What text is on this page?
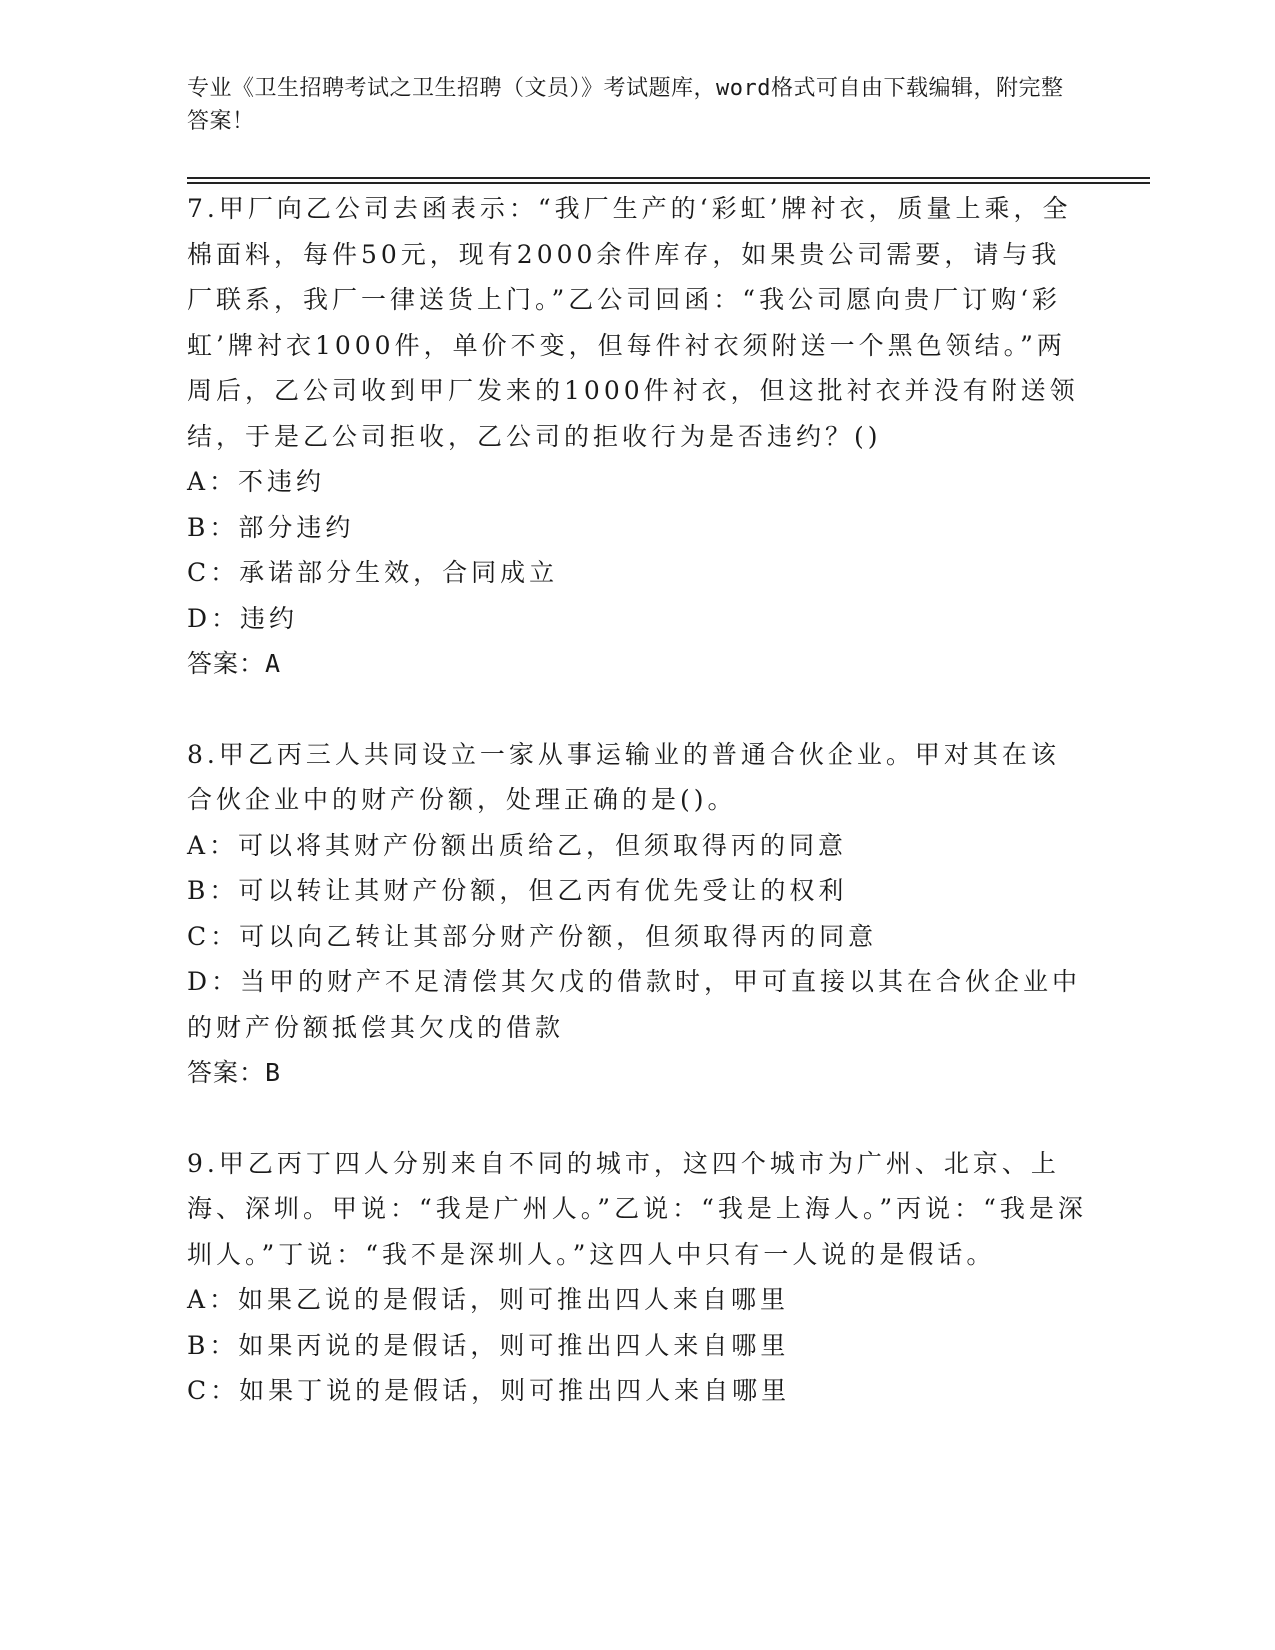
专业《卫生招聘考试之卫生招聘（文员）》考试题库，word格式可自由下载编辑，附完整答案！

7.甲厂向乙公司去函表示：“我厂生产的‘彩虹’牌衬衣，质量上乘，全棉面料，每件50元，现有2000余件库存，如果贵公司需要，请与我厂联系，我厂一律送货上门。”乙公司回函：“我公司愿向贵厂订购‘彩虹’牌衬衣1000件，单价不变，但每件衬衣须附送一个黑色领结。”两周后，乙公司收到甲厂发来的1000件衬衣，但这批衬衣并没有附送领结，于是乙公司拒收，乙公司的拒收行为是否违约？()

A：不违约

B：部分违约

C：承诺部分生效，合同成立

D：违约

答案：A

8.甲乙丙三人共同设立一家从事运输业的普通合伙企业。甲对其在该合伙企业中的财产份额，处理正确的是()。

A：可以将其财产份额出质给乙，但须取得丙的同意

B：可以转让其财产份额，但乙丙有优先受让的权利

C：可以向乙转让其部分财产份额，但须取得丙的同意

D：当甲的财产不足清偿其欠戊的借款时，甲可直接以其在合伙企业中的财产份额抵偿其欠戊的借款

答案：B

9.甲乙丙丁四人分别来自不同的城市，这四个城市为广州、北京、上海、深圳。甲说：“我是广州人。”乙说：“我是上海人。”丙说：“我是深圳人。”丁说：“我不是深圳人。”这四人中只有一人说的是假话。

A：如果乙说的是假话，则可推出四人来自哪里

B：如果丙说的是假话，则可推出四人来自哪里

C：如果丁说的是假话，则可推出四人来自哪里
